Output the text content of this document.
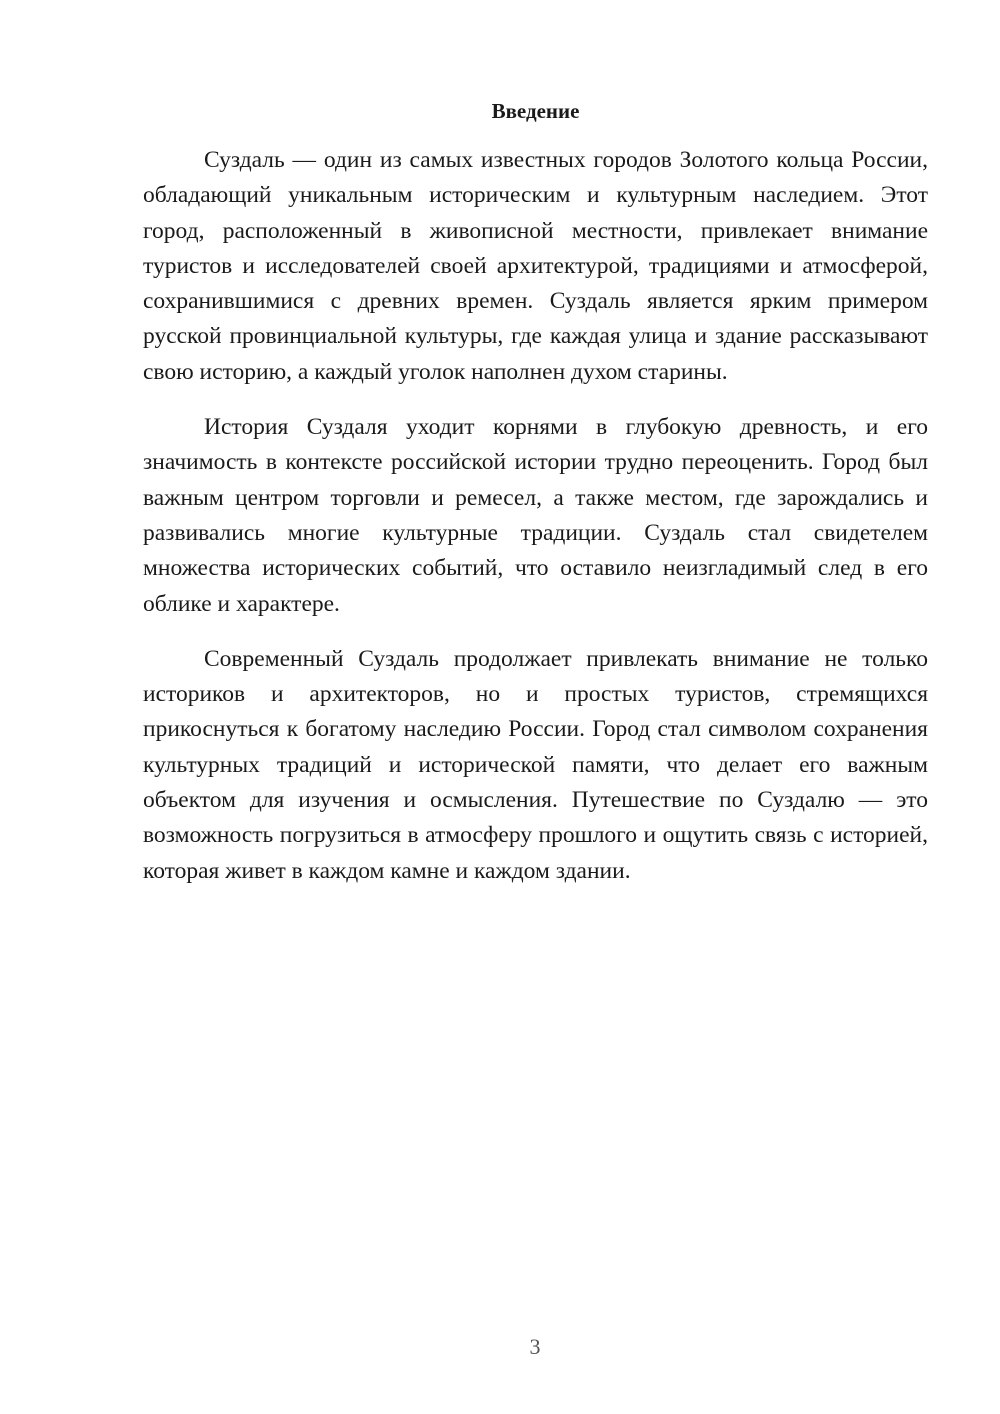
Введение

Суздаль — один из самых известных городов Золотого кольца России, обладающий уникальным историческим и культурным наследием. Этот город, расположенный в живописной местности, привлекает внимание туристов и исследователей своей архитектурой, традициями и атмосферой, сохранившимися с древних времен. Суздаль является ярким примером русской провинциальной культуры, где каждая улица и здание рассказывают свою историю, а каждый уголок наполнен духом старины.

История Суздаля уходит корнями в глубокую древность, и его значимость в контексте российской истории трудно переоценить. Город был важным центром торговли и ремесел, а также местом, где зарождались и развивались многие культурные традиции. Суздаль стал свидетелем множества исторических событий, что оставило неизгладимый след в его облике и характере.

Современный Суздаль продолжает привлекать внимание не только историков и архитекторов, но и простых туристов, стремящихся прикоснуться к богатому наследию России. Город стал символом сохранения культурных традиций и исторической памяти, что делает его важным объектом для изучения и осмысления. Путешествие по Суздалю — это возможность погрузиться в атмосферу прошлого и ощутить связь с историей, которая живет в каждом камне и каждом здании.

3
